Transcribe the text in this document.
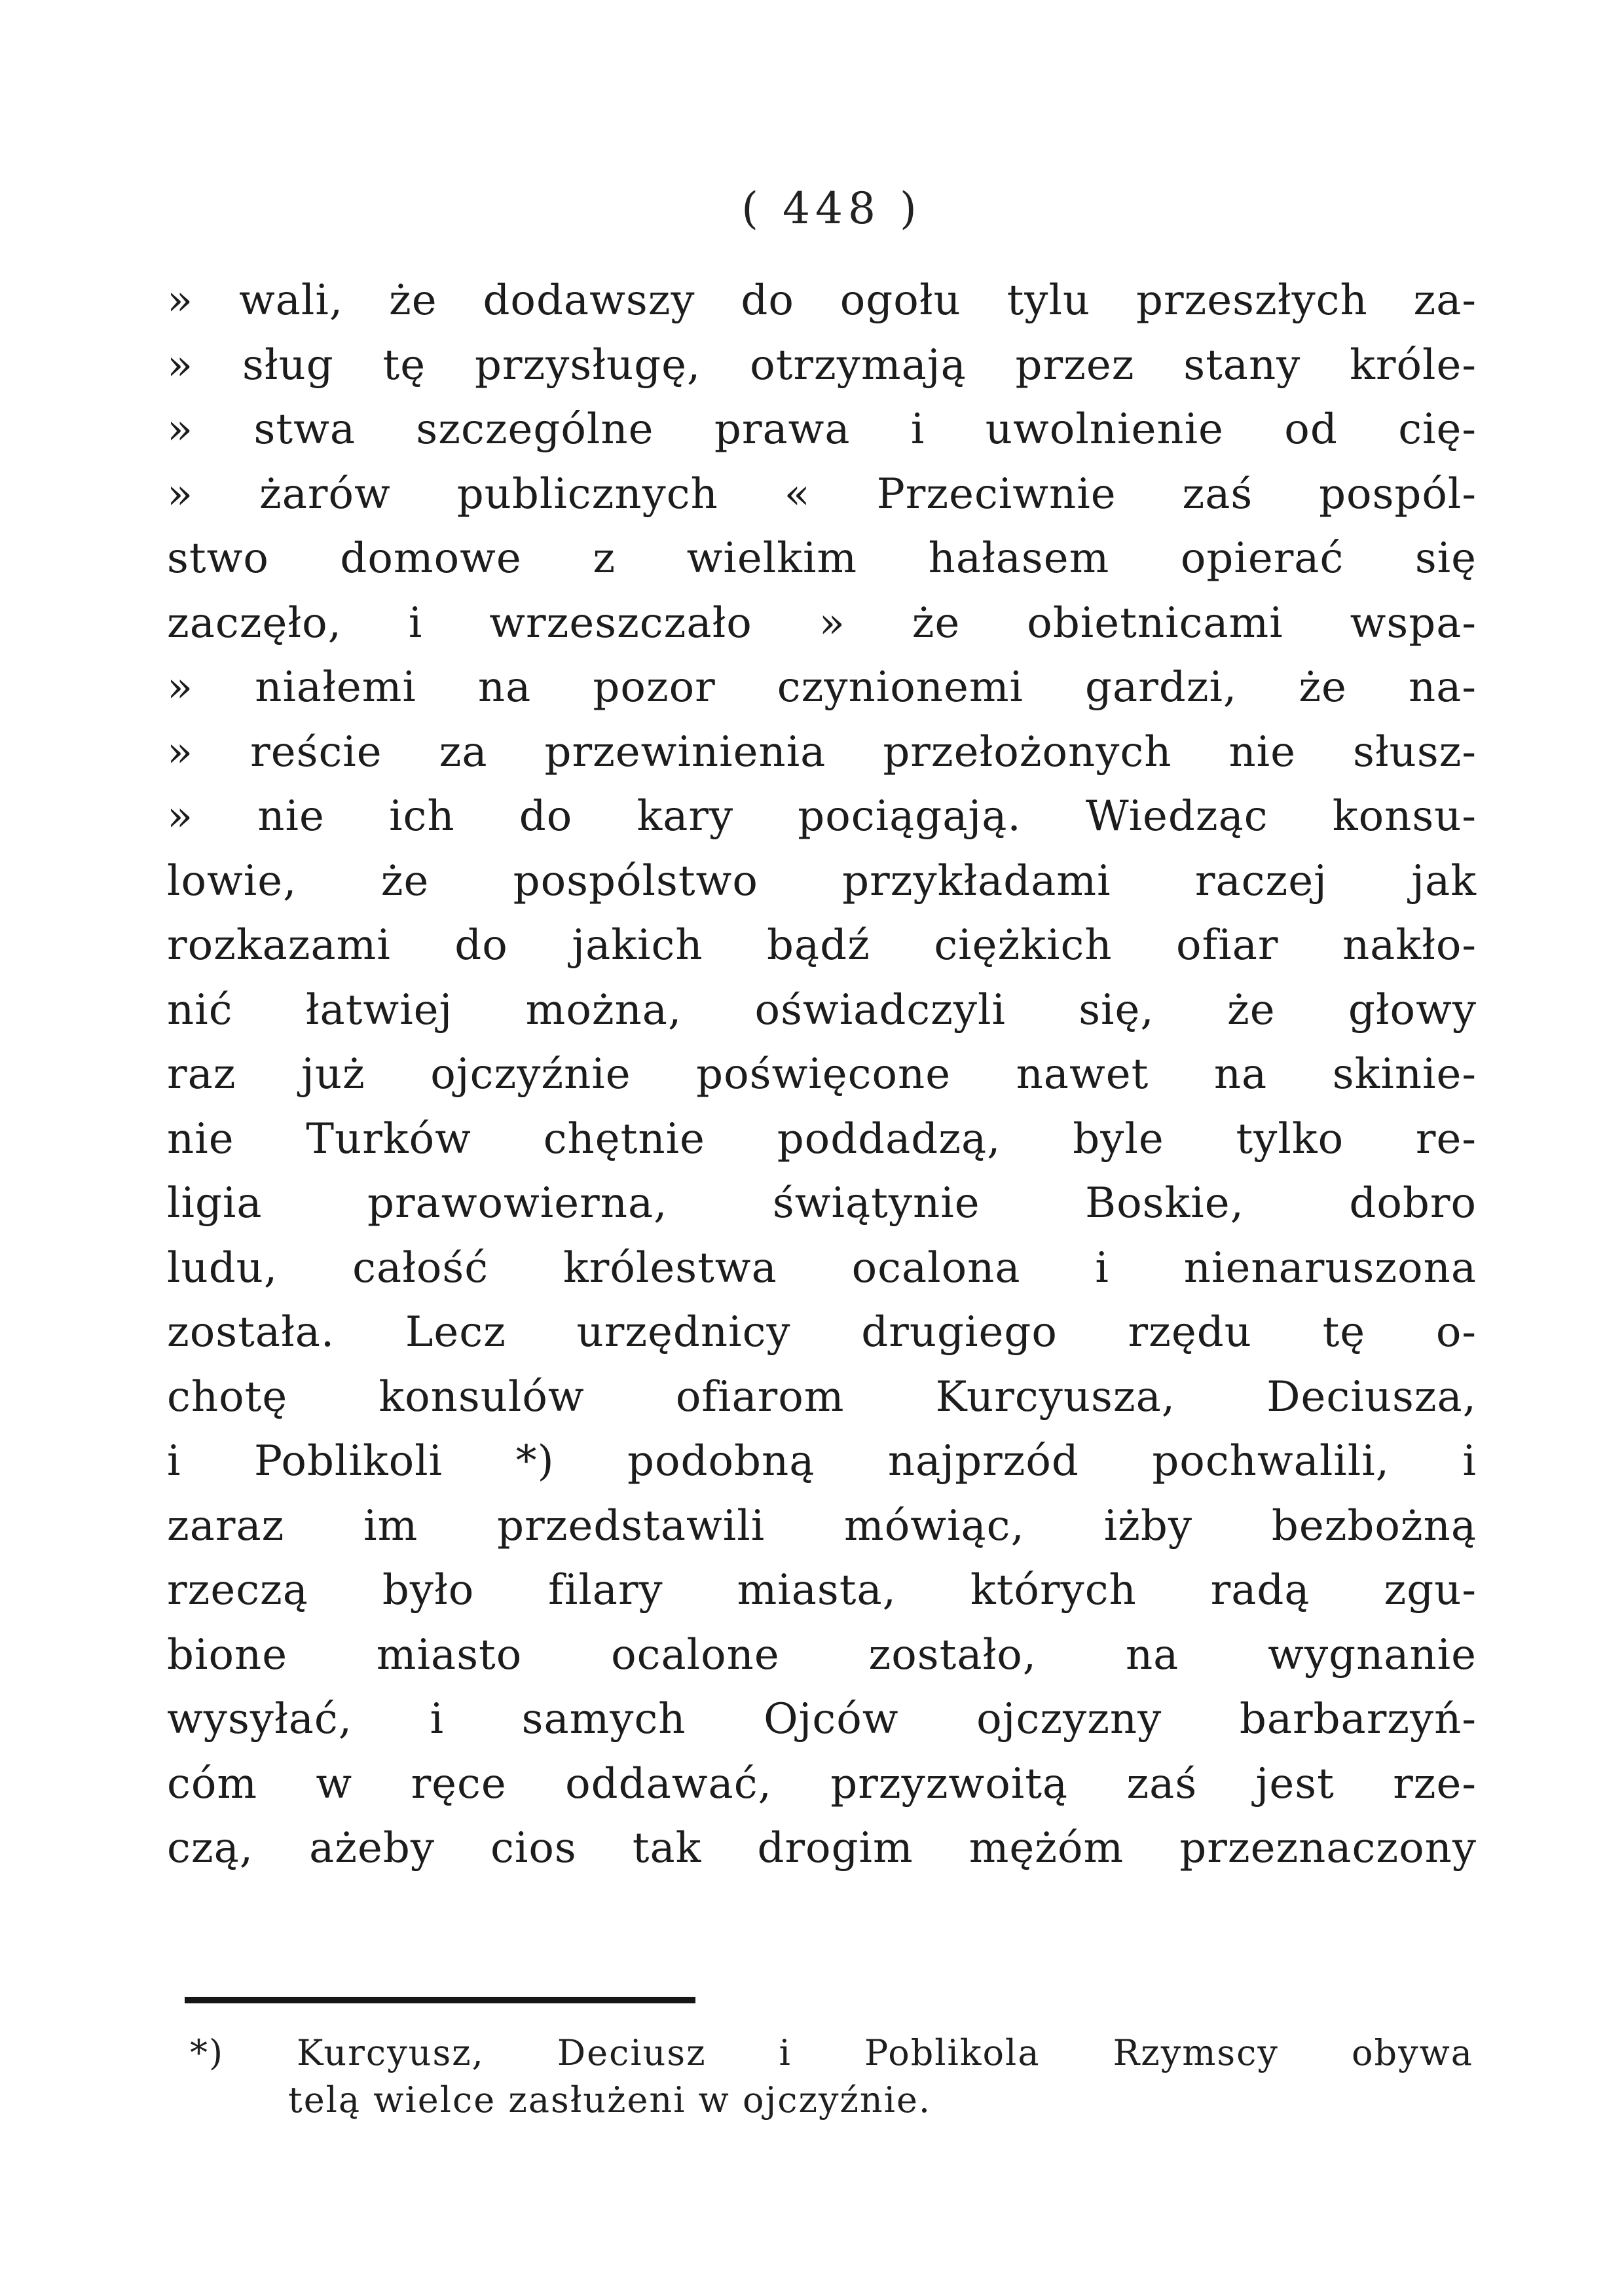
( 448 )
» wali, że dodawszy do ogołu tylu przeszłych za-
» sług tę przysługę, otrzymają przez stany króle-
» stwa szczególne prawa i uwolnienie od cię-
» żarów publicznych « Przeciwnie zaś pospól-
stwo domowe z wielkim hałasem opierać się
zaczęło, i wrzeszczało » że obietnicami wspa-
» niałemi na pozor czynionemi gardzi, że na-
» reście za przewinienia przełożonych nie słusz-
» nie ich do kary pociągają. Wiedząc konsu-
lowie, że pospólstwo przykładami raczej jak
rozkazami do jakich bądź ciężkich ofiar nakło-
nić łatwiej można, oświadczyli się, że głowy
raz już ojczyźnie poświęcone nawet na skinie-
nie Turków chętnie poddadzą, byle tylko re-
ligia prawowierna, świątynie Boskie, dobro
ludu, całość królestwa ocalona i nienaruszona
została. Lecz urzędnicy drugiego rzędu tę o-
chotę konsulów ofiarom Kurcyusza, Deciusza,
i Poblikoli *) podobną najprzód pochwalili, i
zaraz im przedstawili mówiąc, iżby bezbożną
rzeczą było filary miasta, których radą zgu-
bione miasto ocalone zostało, na wygnanie
wysyłać, i samych Ojców ojczyzny barbarzyń-
cóm w ręce oddawać, przyzwoitą zaś jest rze-
czą, ażeby cios tak drogim mężóm przeznaczony
*) Kurcyusz, Deciusz i Poblikola Rzymscy obywa
telą wielce zasłużeni w ojczyźnie.
